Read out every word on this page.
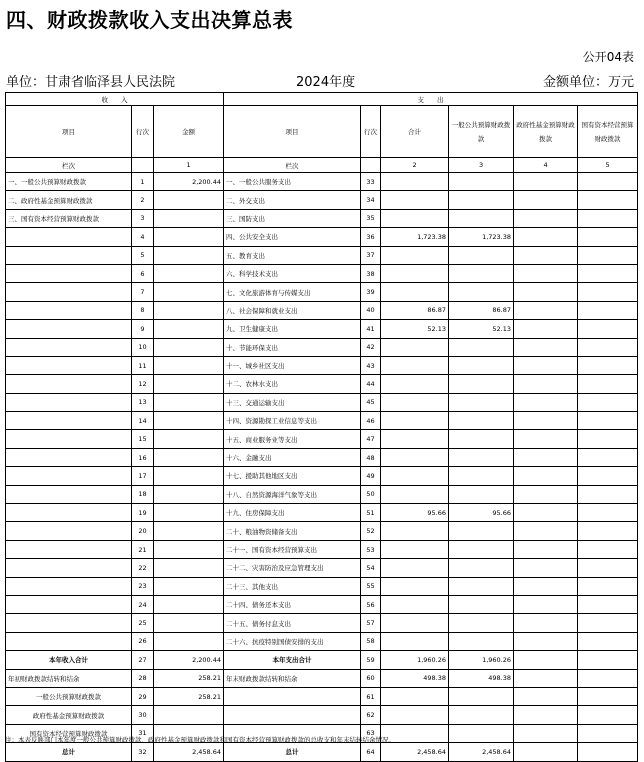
四、财政拨款收入支出决算总表
公开04表
单位：甘肃省临泽县人民法院	2024年度	金额单位：万元
收　　入			支　　出					
项目	行次	金额	项目	行次	合计	一般公共预算财政拨款	政府性基金预算财政拨款	国有资本经营预算财政拨款
栏次		1	栏次		2	3	4	5
一、一般公共预算财政拨款	1	2,200.44	一、一般公共服务支出	33				
二、政府性基金预算财政拨款	2		二、外交支出	34				
三、国有资本经营预算财政拨款	3		三、国防支出	35				
	4		四、公共安全支出	36	1,723.38	1,723.38		
	5		五、教育支出	37				
	6		六、科学技术支出	38				
	7		七、文化旅游体育与传媒支出	39				
	8		八、社会保障和就业支出	40	86.87	86.87		
	9		九、卫生健康支出	41	52.13	52.13		
	10		十、节能环保支出	42				
	11		十一、城乡社区支出	43				
	12		十二、农林水支出	44				
	13		十三、交通运输支出	45				
	14		十四、资源勘探工业信息等支出	46				
	15		十五、商业服务业等支出	47				
	16		十六、金融支出	48				
	17		十七、援助其他地区支出	49				
	18		十八、自然资源海洋气象等支出	50				
	19		十九、住房保障支出	51	95.66	95.66		
	20		二十、粮油物资储备支出	52				
	21		二十一、国有资本经营预算支出	53				
	22		二十二、灾害防治及应急管理支出	54				
	23		二十三、其他支出	55				
	24		二十四、债务还本支出	56				
	25		二十五、债务付息支出	57				
	26		二十六、抗疫特别国债安排的支出	58				
本年收入合计	27	2,200.44	本年支出合计	59	1,960.26	1,960.26		
年初财政拨款结转和结余	28	258.21	年末财政拨款结转和结余	60	498.38	498.38		
一般公共预算财政拨款	29	258.21		61				
政府性基金预算财政拨款	30			62				
国有资本经营预算财政拨款	31			63				
总计	32	2,458.64	总计	64	2,458.64	2,458.64		
注：本表反映部门本年度一般公共预算财政拨款、政府性基金预算财政拨款和国有资本经营预算财政拨款的总收支和年末结转结余情况。
